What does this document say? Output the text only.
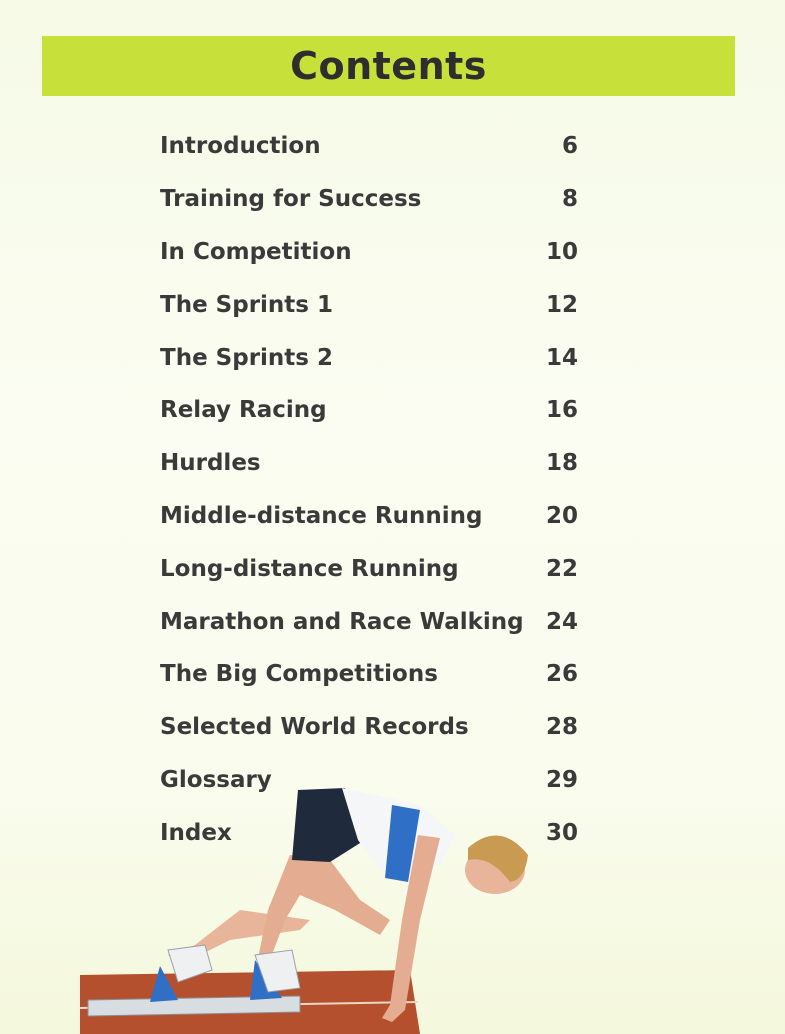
Contents
Introduction	6
Training for Success	8
In Competition	10
The Sprints 1	12
The Sprints 2	14
Relay Racing	16
Hurdles	18
Middle-distance Running	20
Long-distance Running	22
Marathon and Race Walking 24
The Big Competitions	26
Selected World Records	28
Glossary	29
Index	30
